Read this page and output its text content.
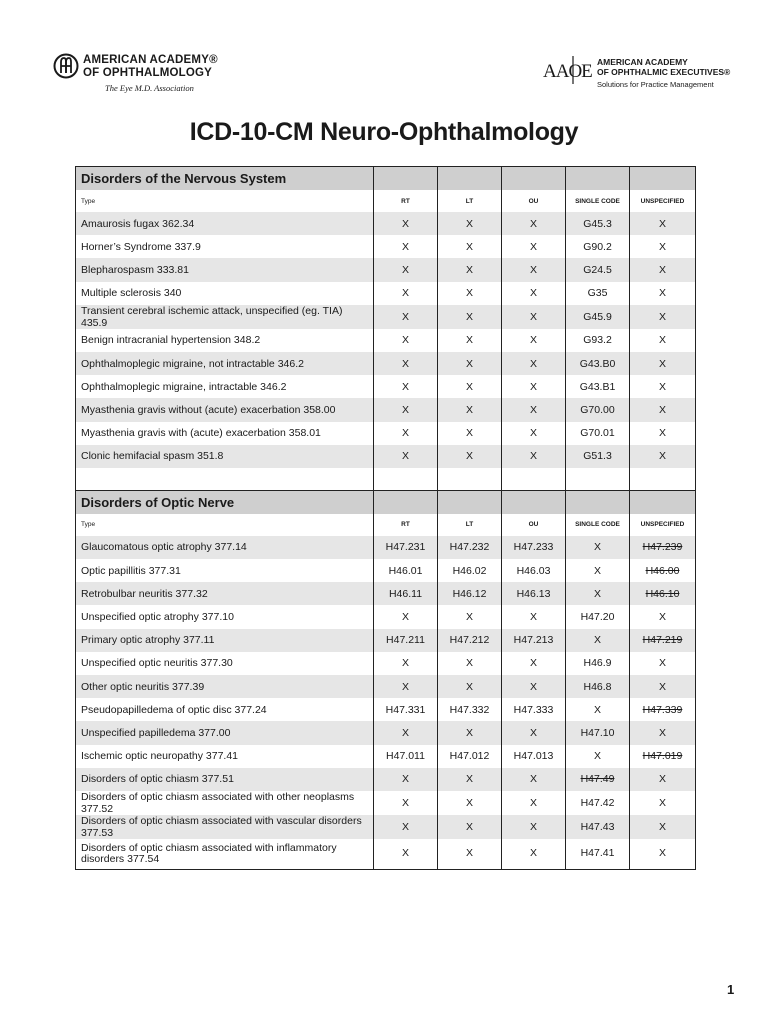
AMERICAN ACADEMY®
OF OPHTHALMOLOGY
The Eye M.D. Association
AAOE AMERICAN ACADEMY
OF OPHTHALMIC EXECUTIVES®
Solutions for Practice Management
ICD-10-CM Neuro-Ophthalmology
Disorders of the Nervous System					
Type	RT	LT	OU	SINGLE CODE	UNSPECIFIED
Amaurosis fugax 362.34	X	X	X	G45.3	X
Horner’s Syndrome 337.9	X	X	X	G90.2	X
Blepharospasm 333.81	X	X	X	G24.5	X
Multiple sclerosis 340	X	X	X	G35	X
Transient cerebral ischemic attack, unspecified (eg. TIA) 435.9	X	X	X	G45.9	X
Benign intracranial hypertension 348.2	X	X	X	G93.2	X
Ophthalmoplegic migraine, not intractable 346.2	X	X	X	G43.B0	X
Ophthalmoplegic migraine, intractable 346.2	X	X	X	G43.B1	X
Myasthenia gravis without (acute) exacerbation 358.00	X	X	X	G70.00	X
Myasthenia gravis with (acute) exacerbation 358.01	X	X	X	G70.01	X
Clonic hemifacial spasm 351.8	X	X	X	G51.3	X

Disorders of Optic Nerve					
Type	RT	LT	OU	SINGLE CODE	UNSPECIFIED
Glaucomatous optic atrophy 377.14	H47.231	H47.232	H47.233	X	H47.239
Optic papillitis 377.31	H46.01	H46.02	H46.03	X	H46.00
Retrobulbar neuritis 377.32	H46.11	H46.12	H46.13	X	H46.10
Unspecified optic atrophy 377.10	X	X	X	H47.20	X
Primary optic atrophy 377.11	H47.211	H47.212	H47.213	X	H47.219
Unspecified optic neuritis 377.30	X	X	X	H46.9	X
Other optic neuritis 377.39	X	X	X	H46.8	X
Pseudopapilledema of optic disc 377.24	H47.331	H47.332	H47.333	X	H47.339
Unspecified papilledema 377.00	X	X	X	H47.10	X
Ischemic optic neuropathy 377.41	H47.011	H47.012	H47.013	X	H47.019
Disorders of optic chiasm 377.51	X	X	X	H47.49	X
Disorders of optic chiasm associated with other neoplasms 377.52	X	X	X	H47.42	X
Disorders of optic chiasm associated with vascular disorders 377.53	X	X	X	H47.43	X
Disorders of optic chiasm associated with inflammatory disorders 377.54	X	X	X	H47.41	X
1
